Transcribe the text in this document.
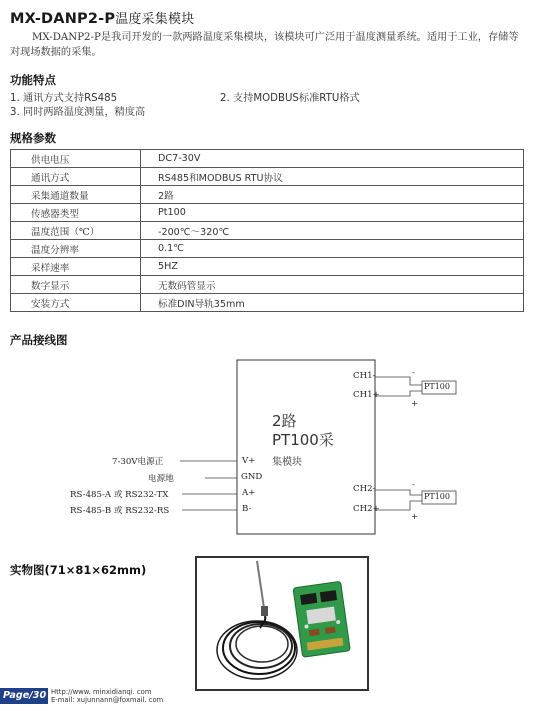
MX-DANP2-P温度采集模块
MX-DANP2-P是我司开发的一款两路温度采集模块，该模块可广泛用于温度测量系统。适用于工业，存储等对现场数据的采集。
功能特点
1. 通讯方式支持RS485	2. 支持MODBUS标准RTU格式
3. 同时两路温度测量，精度高
规格参数
供电电压	DC7-30V
通讯方式	RS485和MODBUS RTU协议
采集通道数量	2路
传感器类型	Pt100
温度范围（℃）	-200℃～320℃
温度分辨率	0.1℃
采样速率	5HZ
数字显示	无数码管显示
安装方式	标准DIN导轨35mm
产品接线图
7-30V电源正
电源地
RS-485-A 或 RS232-TX
RS-485-B 或 RS232-RS
V+
GND
A+
B-
CH1-
CH1+
CH2-
CH2+
PT100
PT100
-
+
-
+
2路
PT100采
集模块
实物图(71×81×62mm)
Page/30 Http://www. minxidianqi. com
E-mail: xujunnann@foxmail. com
